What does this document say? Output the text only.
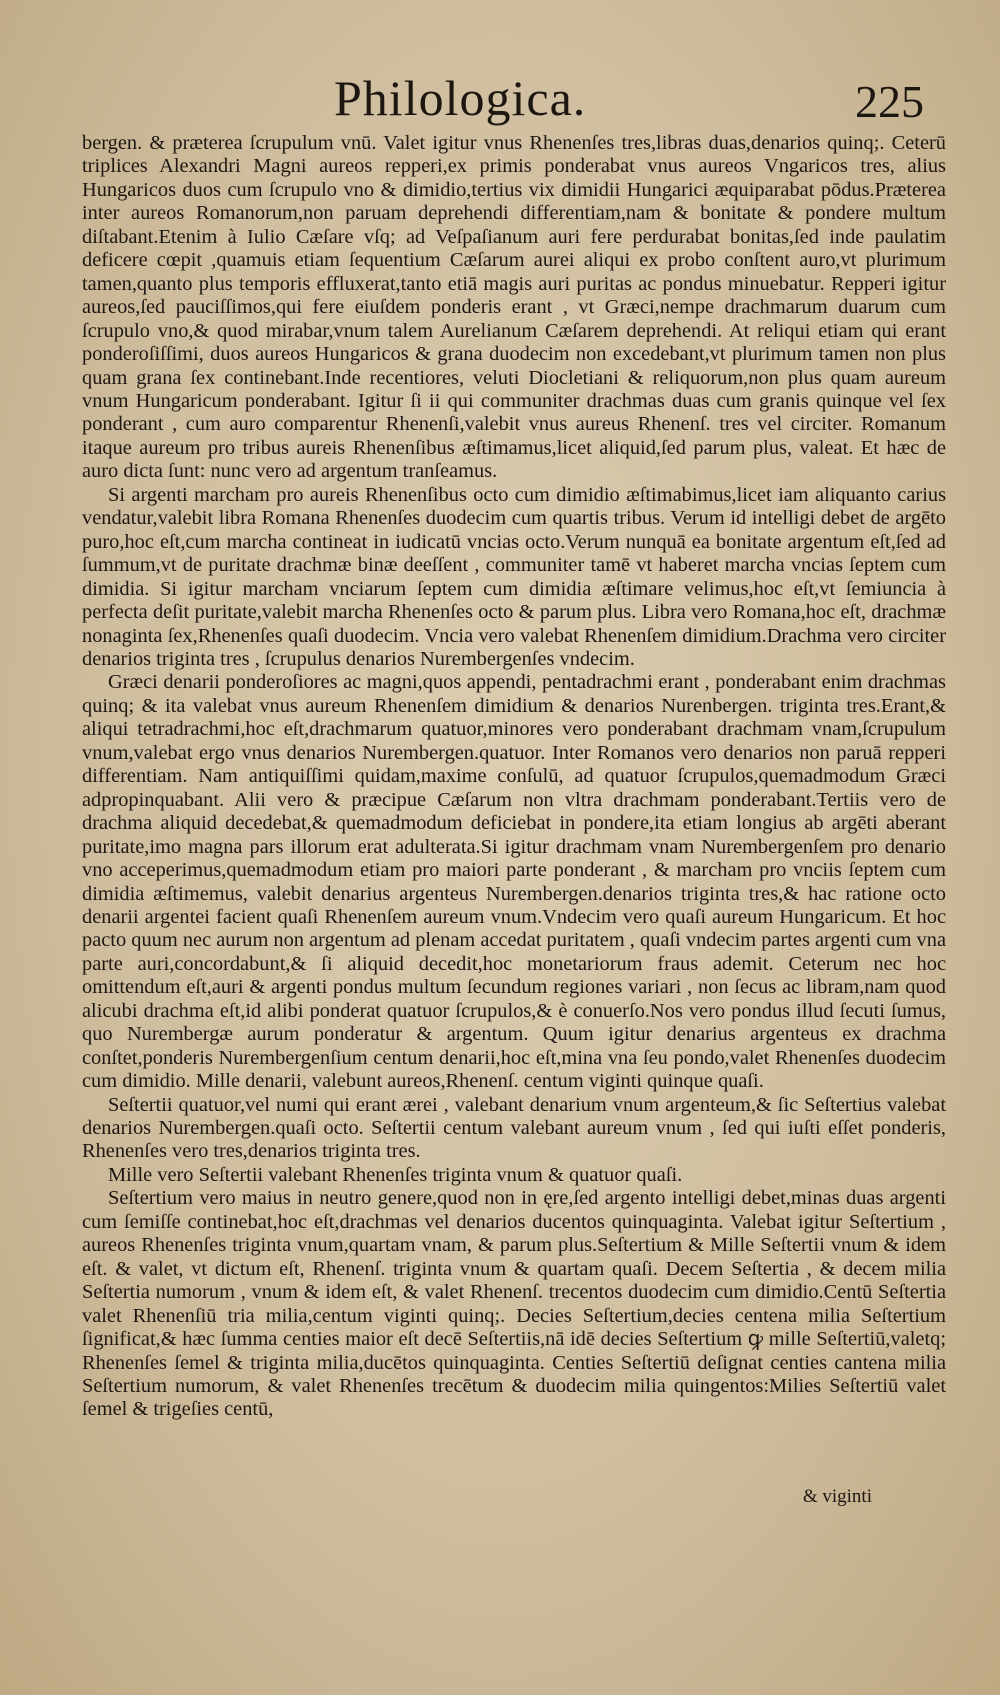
Philologica.	225

bergen. & præterea ſcrupulum vnū. Valet igitur vnus Rhenenſes tres,libras duas,denarios quinq;. Ceterū triplices Alexandri Magni aureos repperi,ex primis ponderabat vnus aureos Vngaricos tres, alius Hungaricos duos cum ſcrupulo vno & dimidio,tertius vix dimidii Hungarici æquiparabat pōdus.Præterea inter aureos Romanorum,non paruam deprehendi differentiam,nam & bonitate & pondere multum diſtabant.Etenim à Iulio Cæſare vſq; ad Veſpaſianum auri fere perdurabat bonitas,ſed inde paulatim deficere cœpit ,quamuis etiam ſequentium Cæſarum aurei aliqui ex probo conſtent auro,vt plurimum tamen,quanto plus temporis effluxerat,tanto etiā magis auri puritas ac pondus minuebatur. Repperi igitur aureos,ſed pauciſſimos,qui fere eiuſdem ponderis erant , vt Græci,nempe drachmarum duarum cum ſcrupulo vno,& quod mirabar,vnum talem Aurelianum Cæſarem deprehendi. At reliqui etiam qui erant ponderoſiſſimi, duos aureos Hungaricos & grana duodecim non excedebant,vt plurimum tamen non plus quam grana ſex continebant.Inde recentiores, veluti Diocletiani & reliquorum,non plus quam aureum vnum Hungaricum ponderabant. Igitur ſi ii qui communiter drachmas duas cum granis quinque vel ſex ponderant , cum auro comparentur Rhenenſi,valebit vnus aureus Rhenenſ. tres vel circiter. Romanum itaque aureum pro tribus aureis Rhenenſibus æſtimamus,licet aliquid,ſed parum plus, valeat. Et hæc de auro dicta ſunt: nunc vero ad argentum tranſeamus.

Si argenti marcham pro aureis Rhenenſibus octo cum dimidio æſtimabimus,licet iam aliquanto carius vendatur,valebit libra Romana Rhenenſes duodecim cum quartis tribus. Verum id intelligi debet de argēto puro,hoc eſt,cum marcha contineat in iudicatū vncias octo.Verum nunquā ea bonitate argentum eſt,ſed ad ſummum,vt de puritate drachmæ binæ deeſſent , communiter tamē vt haberet marcha vncias ſeptem cum dimidia. Si igitur marcham vnciarum ſeptem cum dimidia æſtimare velimus,hoc eſt,vt ſemiuncia à perfecta deſit puritate,valebit marcha Rhenenſes octo & parum plus. Libra vero Romana,hoc eſt, drachmæ nonaginta ſex,Rhenenſes quaſi duodecim. Vncia vero valebat Rhenenſem dimidium.Drachma vero circiter denarios triginta tres , ſcrupulus denarios Nurembergenſes vndecim.

Græci denarii ponderoſiores ac magni,quos appendi, pentadrachmi erant , ponderabant enim drachmas quinq; & ita valebat vnus aureum Rhenenſem dimidium & denarios Nurenbergen. triginta tres.Erant,& aliqui tetradrachmi,hoc eſt,drachmarum quatuor,minores vero ponderabant drachmam vnam,ſcrupulum vnum,valebat ergo vnus denarios Nurembergen.quatuor. Inter Romanos vero denarios non paruā repperi differentiam. Nam antiquiſſimi quidam,maxime conſulū, ad quatuor ſcrupulos,quemadmodum Græci adpropinquabant. Alii vero & præcipue Cæſarum non vltra drachmam ponderabant.Tertiis vero de drachma aliquid decedebat,& quemadmodum deficiebat in pondere,ita etiam longius ab argēti aberant puritate,imo magna pars illorum erat adulterata.Si igitur drachmam vnam Nurembergenſem pro denario vno acceperimus,quemadmodum etiam pro maiori parte ponderant , & marcham pro vnciis ſeptem cum dimidia æſtimemus, valebit denarius argenteus Nurembergen.denarios triginta tres,& hac ratione octo denarii argentei facient quaſi Rhenenſem aureum vnum.Vndecim vero quaſi aureum Hungaricum. Et hoc pacto quum nec aurum non argentum ad plenam accedat puritatem , quaſi vndecim partes argenti cum vna parte auri,concordabunt,& ſi aliquid decedit,hoc monetariorum fraus ademit. Ceterum nec hoc omittendum eſt,auri & argenti pondus multum ſecundum regiones variari , non ſecus ac libram,nam quod alicubi drachma eſt,id alibi ponderat quatuor ſcrupulos,& è conuerſo.Nos vero pondus illud ſecuti ſumus, quo Nurembergæ aurum ponderatur & argentum. Quum igitur denarius argenteus ex drachma conſtet,ponderis Nurembergenſium centum denarii,hoc eſt,mina vna ſeu pondo,valet Rhenenſes duodecim cum dimidio. Mille denarii, valebunt aureos,Rhenenſ. centum viginti quinque quaſi.

Seſtertii quatuor,vel numi qui erant ærei , valebant denarium vnum argenteum,& ſic Seſtertius valebat denarios Nurembergen.quaſi octo. Seſtertii centum valebant aureum vnum , ſed qui iuſti eſſet ponderis, Rhenenſes vero tres,denarios triginta tres.

Mille vero Seſtertii valebant Rhenenſes triginta vnum & quatuor quaſi.

Seſtertium vero maius in neutro genere,quod non in ęre,ſed argento intelligi debet,minas duas argenti cum ſemiſſe continebat,hoc eſt,drachmas vel denarios ducentos quinquaginta. Valebat igitur Seſtertium , aureos Rhenenſes triginta vnum,quartam vnam, & parum plus.Seſtertium & Mille Seſtertii vnum & idem eſt. & valet, vt dictum eſt, Rhenenſ. triginta vnum & quartam quaſi. Decem Seſtertia , & decem milia Seſtertia numorum , vnum & idem eſt, & valet Rhenenſ. trecentos duodecim cum dimidio.Centū Seſtertia valet Rhenenſiū tria milia,centum viginti quinq;. Decies Seſtertium,decies centena milia Seſtertium ſignificat,& hæc ſumma centies maior eſt decē Seſtertiis,nā idē decies Seſtertium ꝙ mille Seſtertiū,valetq; Rhenenſes ſemel & triginta milia,ducētos quinquaginta. Centies Seſtertiū deſignat centies cantena milia Seſtertium numorum, & valet Rhenenſes trecētum & duodecim milia quingentos:Milies Seſtertiū valet ſemel & trigeſies centū,

& viginti
